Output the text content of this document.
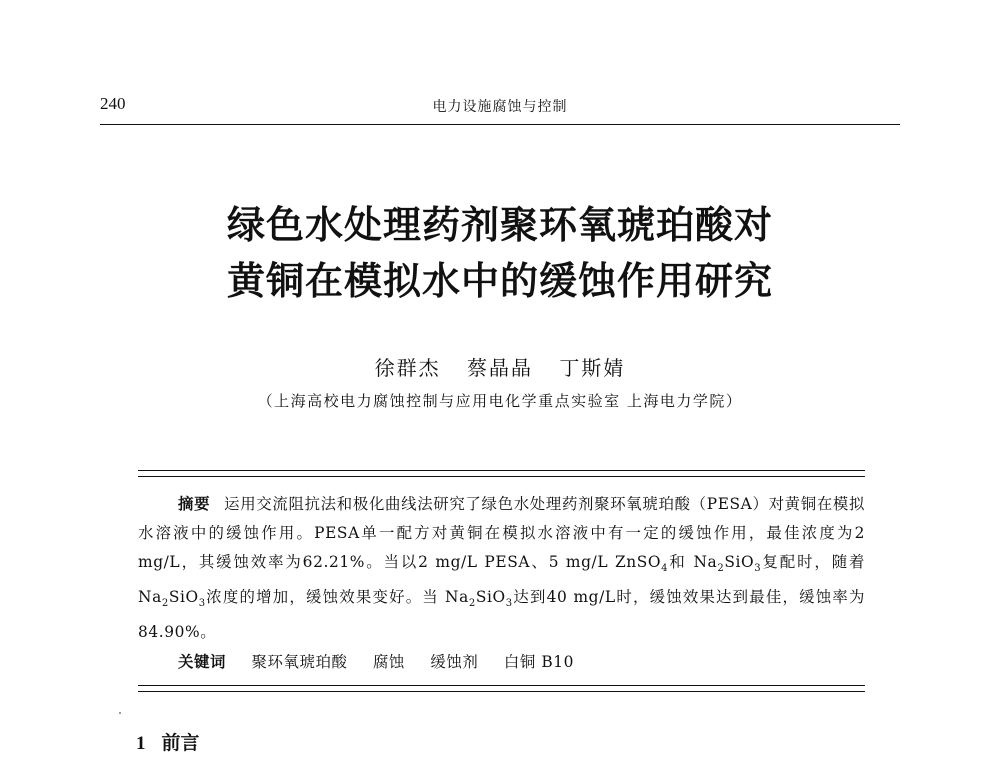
240	电力设施腐蚀与控制
绿色水处理药剂聚环氧琥珀酸对
黄铜在模拟水中的缓蚀作用研究
徐群杰 蔡晶晶 丁斯婧
（上海高校电力腐蚀控制与应用电化学重点实验室 上海电力学院）
摘要 运用交流阻抗法和极化曲线法研究了绿色水处理药剂聚环氧琥珀酸（PESA）对黄铜在模拟水溶液中的缓蚀作用。PESA单一配方对黄铜在模拟水溶液中有一定的缓蚀作用，最佳浓度为2 mg/L，其缓蚀效率为62.21%。当以2 mg/L PESA、5 mg/L ZnSO$_4$和 $Na_2SiO_3$复配时，随着 $Na_2SiO_3$浓度的增加，缓蚀效果变好。当 $Na_2SiO_3$达到40 mg/L时，缓蚀效果达到最佳，缓蚀率为84.90%。
关键词 聚环氧琥珀酸 腐蚀 缓蚀剂 白铜 B10
1 前言
